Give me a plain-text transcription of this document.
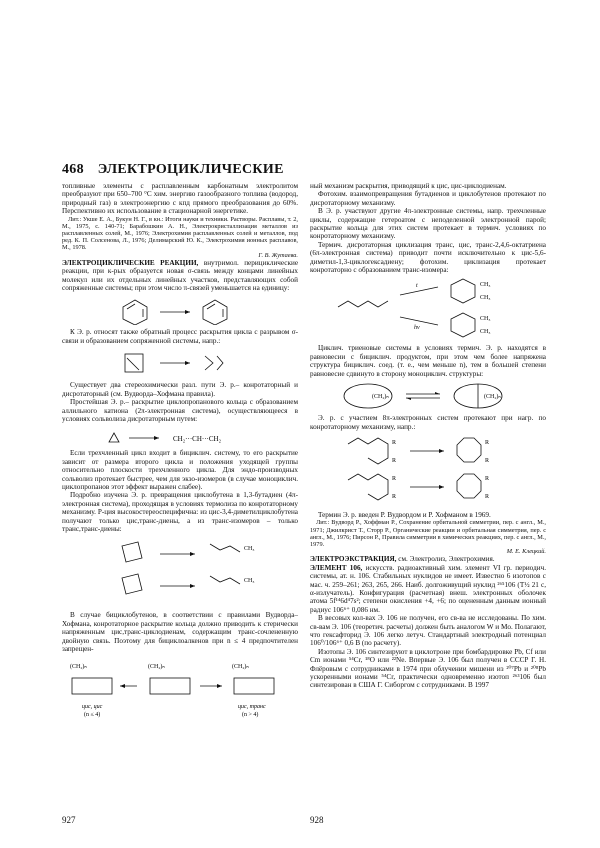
468 ЭЛЕКТРОЦИКЛИЧЕСКИЕ

топливные элементы с расплавленным карбонатным электролитом преобразуют при 650–700 °С хим. энергию газообразного топлива (водород, природный газ) в электроэнергию с кпд прямого преобразования до 60%. Перспективно их использование в стационарной энергетике.

Лит.: Укше Е. А., Букун Н. Г., в кн.: Итоги науки и техники. Растворы. Расплавы, т. 2, М., 1975, с. 140-71; Барабошкин А. Н., Электрокристаллизация металлов из расплавленных солей, М., 1976; Электрохимия расплавленных солей и металлов, под ред. К. П. Солсенова, Л., 1976; Делимарский Ю. К., Электрохимия ионных расплавов, М., 1978.

Г. В. Жутаева.

ЭЛЕКТРОЦИКЛИЧЕСКИЕ РЕАКЦИИ, внутримол. перициклические реакции, при к-рых образуется новая σ-связь между концами линейных молекул или их отдельных линейных участков, представляющих собой сопряженные системы; при этом число π-связей уменьшается на единицу:

К Э. р. относят также обратный процесс раскрытия цикла с разрывом σ-связи и образованием сопряженной системы, напр.:

Существует два стереохимически разл. пути Э. р.– конротаторный и дисротаторный (см. Вудворда–Хофмана правила).

Простейшая Э. р.– раскрытие циклопропанового кольца с образованием аллильного катиона (2π-электронная система), осуществляющееся в условиях сольволиза дисротаторным путем:

CH₂···CH···CH₂

Если трехчленный цикл входит в бициклич. систему, то его раскрытие зависит от размера второго цикла и положения уходящей группы относительно плоскости трехчленного цикла. Для эндо-производных сольволиз протекает быстрее, чем для экзо-изомеров (в случае моноциклич. циклопропанов этот эффект выражен слабее).

Подробно изучена Э. р. превращения циклобутена в 1,3-бутадиен (4π-электронная система), проходящая в условиях термолиза по конротаторному механизму. Р-ция высокостереоспецифична: из цис-3,4-диметилциклобутена получают только цис,транс-диены, а из транс-изомеров – только транс,транс-диены:

CH₃
CH₃

В случае бициклобутенов, в соответствии с правилами Вудворда–Хофмана, конротаторное раскрытие кольца должно приводить к стерически напряженным цис,транс-циклодиенам, содержащим транс-сочлененную двойную связь. Поэтому для бициклоалкенов при n ≤ 4 предпочтителен запрещен-

(CH₂)ₙ	(CH₂)ₙ	(CH₂)ₙ
цис, цис
(n ≤ 4)
цис, транс
(n > 4)

ный механизм раскрытия, приводящий к цис, цис-циклодиенам.

Фотохим. взаимопревращения бутадиенов и циклобутенов протекают по дисротаторному механизму.

В Э. р. участвуют другие 4π-электронные системы, напр. трехчленные циклы, содержащие гетероатом с неподеленной электронной парой; раскрытие кольца для этих систем протекает в термич. условиях по конротаторному механизму.

Термич. дисротаторная циклизация транс, цис, транс-2,4,6-октатриена (6π-электронная система) приводит почти исключительно к цис-5,6-диметил-1,3-циклогексадиену; фотохим. циклизация протекает конротаторно с образованием транс-изомера:

t
hν
CH₃
CH₃
CH₃
CH₃

Циклич. триеновые системы в условиях термич. Э. р. находятся в равновесии с бициклич. продуктом, при этом чем более напряжена структура бициклич. соед. (т. е., чем меньше n), тем в большей степени равновесие сдвинуто в сторону моноциклич. структуры:

(CH₂)ₙ	(CH₂)ₙ

Э. р. с участием 8π-электронных систем протекают при нагр. по конротаторному механизму, напр.:

R
R
R
R
R
R
R
R

Термин Э. р. введен Р. Вудвордом и Р. Хофманом в 1969.

Лит.: Вудворд Р., Хоффман Р., Сохранение орбитальной симметрии, пер. с англ., М., 1971; Джилкрист Т., Сторр Р., Органические реакции и орбитальная симметрия, пер. с англ., М., 1976; Пирсон Р., Правила симметрии в химических реакциях, пер. с англ., М., 1979.

М. Е. Клецкий.

ЭЛЕКТРОЭКСТРАКЦИЯ, см. Электролиз, Электрохимия.

ЭЛЕМЕНТ 106, искусств. радиоактивный хим. элемент VI гр. периодич. системы, ат. н. 106. Стабильных нуклидов не имеет. Известно 6 изотопов с мас. ч. 259–261; 263, 265, 266. Наиб. долгоживущий нуклид ²⁶⁵106 (T½ 21 с, α-излучатель). Конфигурация (расчетная) внеш. электронных оболочек атома 5f¹⁴6d⁴7s²; степени окисления +4, +6; по оцененным данным ионный радиус 106⁶⁺ 0,086 нм.

В весовых кол-вах Э. 106 не получен, его св-ва не исследованы. По хим. св-вам Э. 106 (теоретич. расчеты) должен быть аналогом W и Mo. Полагают, что гексафторид Э. 106 легко летуч. Стандартный электродный потенциал 106⁰/106⁶⁺ 0,6 В (по расчету).

Изотопы Э. 106 синтезируют в циклотроне при бомбардировке Pb, Cf или Cm ионами ⁵⁴Cr, ¹⁸O или ²²Ne. Впервые Э. 106 был получен в СССР Г. Н. Флёровым с сотрудниками в 1974 при облучении мишени из ²⁰⁷Pb и ²⁰⁸Pb ускоренными ионами ⁵⁴Cr, практически одновременно изотоп ²⁶³106 был синтезирован в США Г. Сиборгом с сотрудниками. В 1997

927	928
